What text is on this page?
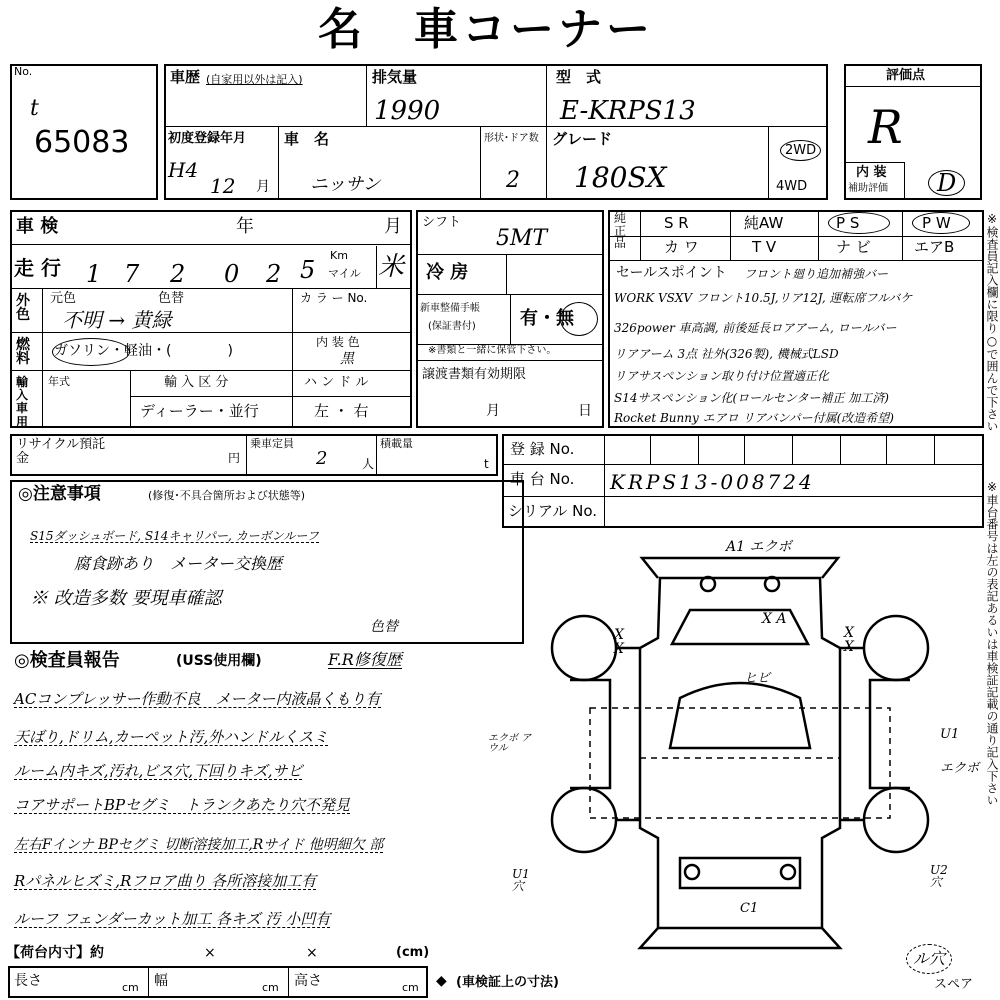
名　車コーナー
No.
t
65083
車歴 (自家用以外は記入)	排気量
1990
型　式
E-KRPS13
初度登録年月
H4
12 月
車　名
ニッサン
形状･ドア数
2
グレード
180SX
2WD
4WD
評価点
R
内 装
補助評価	D
車 検	年	月
走 行 1 7 2 0 2 5
Km
マイル 米
外色
元色	色替	カ ラ ー No.
不明 → 黄緑
燃料	ガソリン・軽油・(　　　　)
内 装 色
黒
輸入車用
年式	輸 入 区 分
ディーラー・並行
ハ ン ド ル
左 ・ 右
シフト
5MT
冷 房
新車整備手帳
(保証書付) 有・無
※書類と一緒に保管下さい。
譲渡書類有効期限
月	日
純正品
S R	純AW	P S	P W
カ ワ	T V	ナ ビ	エアB
セールスポイント フロント廻り追加補強バー
WORK VSXV フロント10.5J,リア12J, 運転席フルバケ
326power 車高調, 前後延長ロアアーム, ロールバー
リアアーム 3点 社外(326製), 機械式LSD
リアサスペンション取り付け位置適正化
S14サスペンション化(ロールセンター補正 加工済)
Rocket Bunny エアロ リアバンパー付属(改造希望)
リサイクル預託金	円
乗車定員
2	人
積載量
t
登 録 No.
車 台 No. KRPS13-008724
シリアル No.
◎注意事項	(修復･不具合箇所および状態等)
S15ダッシュボード, S14キャリパー, カーボンルーフ
腐食跡あり　メーター交換歴
※ 改造多数 要現車確認
色替
◎検査員報告	(USS使用欄)	F.R修復歴
ACコンプレッサー作動不良　メーター内液晶くもり有
天ばり,ドリム,カーペット汚,外ハンドルくスミ
ルーム内キズ,汚れ,ビス穴,下回りキズ,サビ
コアサポートBPセグミ　トランクあたり穴不発見
左右Fインナ BPセグミ 切断溶接加工,Rサイド 他明細欠 部
Rパネルヒズミ,Rフロア曲り 各所溶接加工有
ルーフ フェンダーカット加工 各キズ 汚 小凹有
A1 エクボ
X A
ヒビ
エクボ アウル
U1
エクボ
U1 穴
U2 穴
C1
X X
X X
ル穴
スペア
【荷台内寸】約	×	×	(cm)
長さ	cm 幅	cm 高さ	cm ◆ (車検証上の寸法)
※検査員記入欄に限り○で囲んで下さい
※車台番号は左の表記あるいは車検証記載の通り記入下さい
